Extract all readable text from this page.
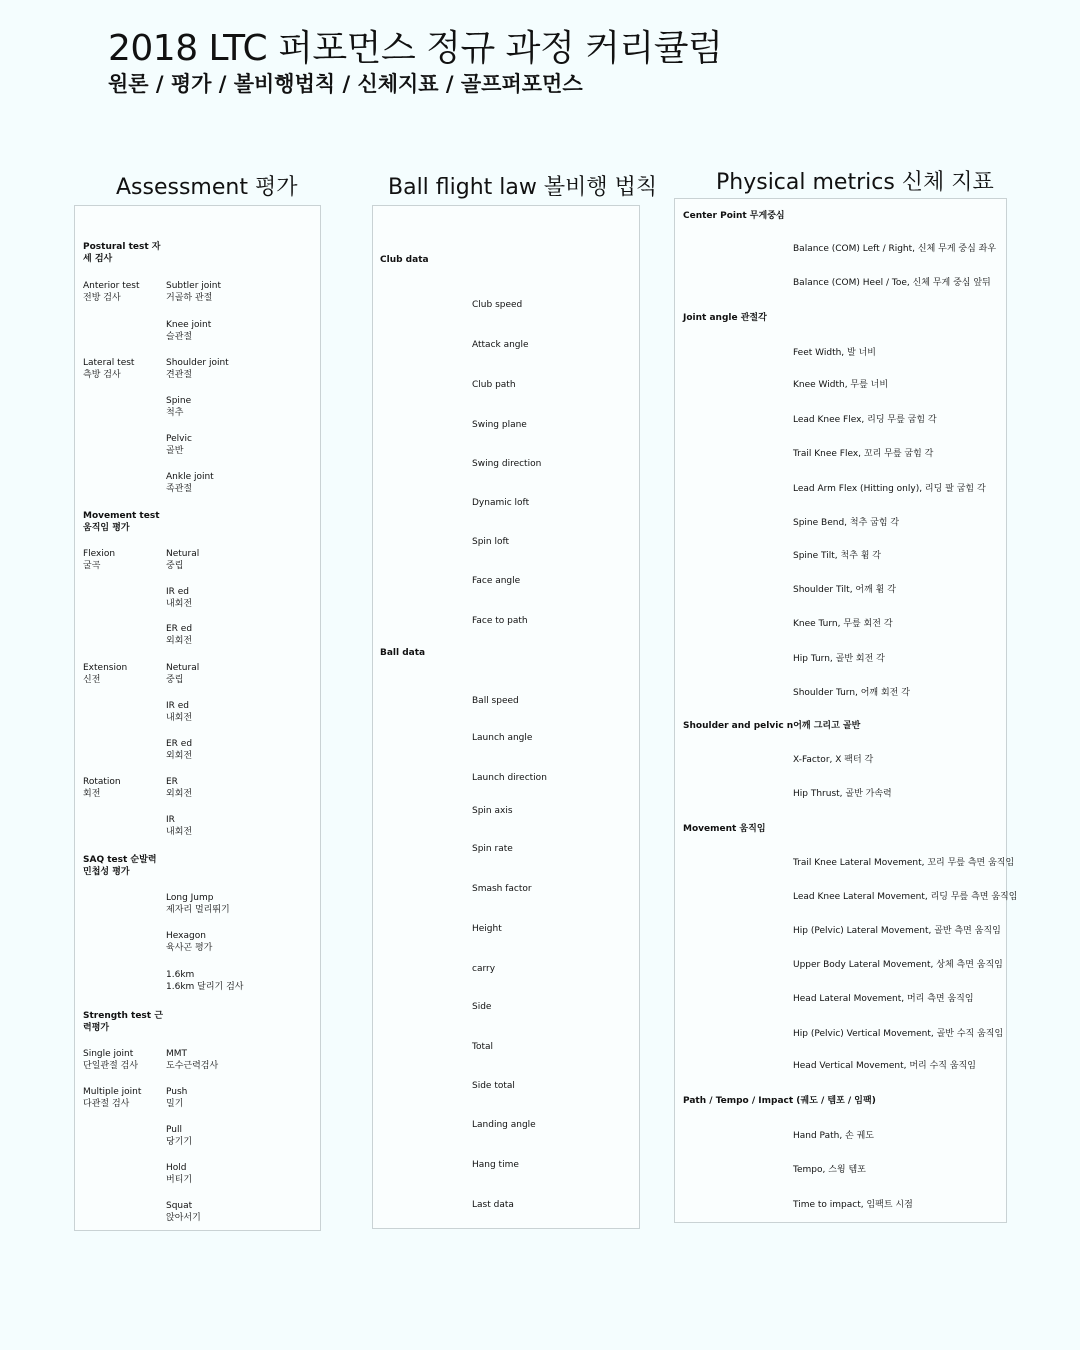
2018 LTC 퍼포먼스 정규 과정 커리큘럼
원론 / 평가 / 볼비행법칙 / 신체지표 / 골프퍼포먼스
Assessment 평가	Ball flight law 볼비행 법칙	Physical metrics 신체 지표
Postural test 자
세 검사
Anterior test
전방 검사
Subtler joint
거골하 관절
Knee joint
슬관절
Lateral test
측방 검사
Shoulder joint
견관절
Spine
척추
Pelvic
골반
Ankle joint
족관절
Movement test
움직임 평가
Flexion
굴곡
Netural
중립
IR ed
내회전
ER ed
외회전
Extension
신전
Netural
중립
IR ed
내회전
ER ed
외회전
Rotation
회전
ER
외회전
IR
내회전
SAQ test 순발력
민첩성 평가
Long Jump
제자리 멀리뛰기
Hexagon
육사곤 평가
1.6km
1.6km 달리기 검사
Strength test 근
력평가
Single joint
단일관절 검사
MMT
도수근력검사
Multiple joint
다관절 검사
Push
밀기
Pull
당기기
Hold
버티기
Squat
앉아서기
Club data
Club speed
Attack angle
Club path
Swing plane
Swing direction
Dynamic loft
Spin loft
Face angle
Face to path
Ball data
Ball speed
Launch angle
Launch direction
Spin axis
Spin rate
Smash factor
Height
carry
Side
Total
Side total
Landing angle
Hang time
Last data
Center Point 무게중심
Balance (COM) Left / Right, 신체 무게 중심 좌우
Balance (COM) Heel / Toe, 신체 무게 중심 앞뒤
Joint angle 관절각
Feet Width, 발 너비
Knee Width, 무릎 너비
Lead Knee Flex, 리딩 무릎 굽힘 각
Trail Knee Flex, 꼬리 무릎 굽힘 각
Lead Arm Flex (Hitting only), 리딩 팔 굽힘 각
Spine Bend, 척추 굽힘 각
Spine Tilt, 척추 휨 각
Shoulder Tilt, 어깨 휨 각
Knee Turn, 무릎 회전 각
Hip Turn, 골반 회전 각
Shoulder Turn, 어깨 회전 각
Shoulder and pelvic n어깨 그리고 골반
X-Factor, X 팩터 각
Hip Thrust, 골반 가속력
Movement 움직임
Trail Knee Lateral Movement, 꼬리 무릎 측면 움직임
Lead Knee Lateral Movement, 리딩 무릎 측면 움직임
Hip (Pelvic) Lateral Movement, 골반 측면 움직임
Upper Body Lateral Movement, 상체 측면 움직임
Head Lateral Movement, 머리 측면 움직임
Hip (Pelvic) Vertical Movement, 골반 수직 움직임
Head Vertical Movement, 머리 수직 움직임
Path / Tempo / Impact (궤도 / 템포 / 임팩)
Hand Path, 손 궤도
Tempo, 스윙 템포
Time to impact, 임팩트 시점
